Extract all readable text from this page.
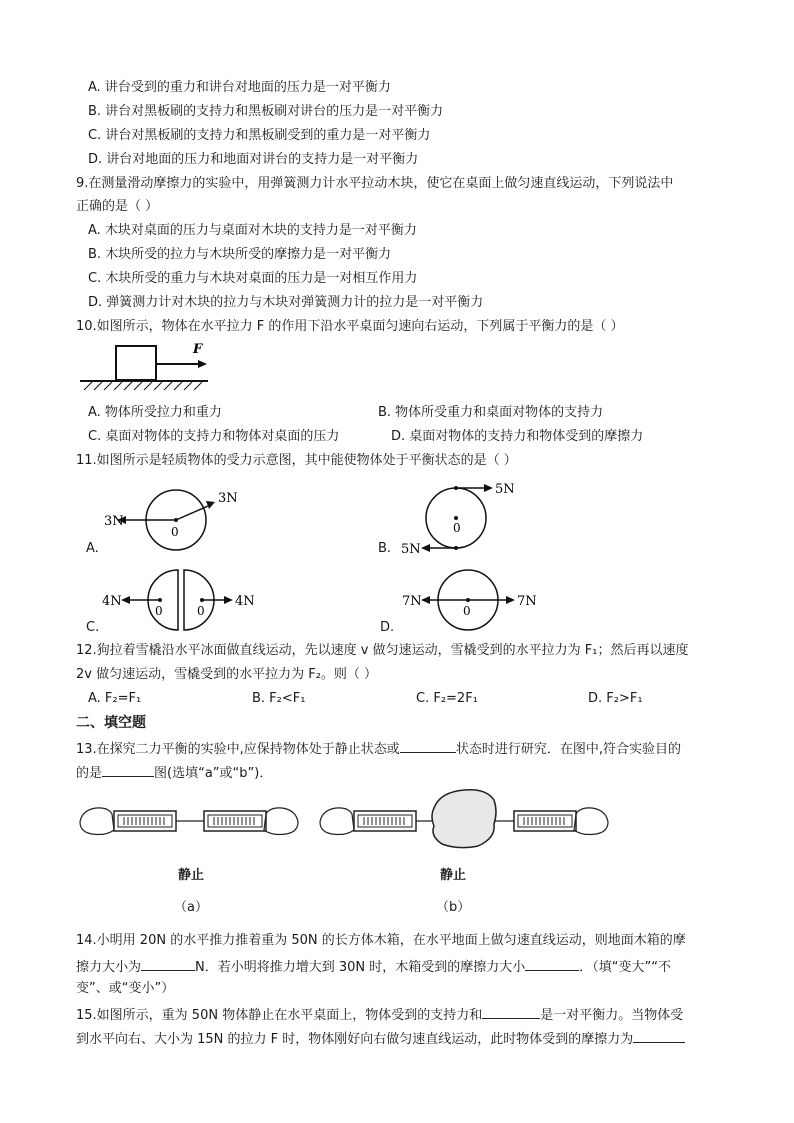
A. 讲台受到的重力和讲台对地面的压力是一对平衡力
B. 讲台对黑板刷的支持力和黑板刷对讲台的压力是一对平衡力
C. 讲台对黑板刷的支持力和黑板刷受到的重力是一对平衡力
D. 讲台对地面的压力和地面对讲台的支持力是一对平衡力
9.在测量滑动摩擦力的实验中，用弹簧测力计水平拉动木块，使它在桌面上做匀速直线运动，下列说法中
正确的是（ ）
A. 木块对桌面的压力与桌面对木块的支持力是一对平衡力
B. 木块所受的拉力与木块所受的摩擦力是一对平衡力
C. 木块所受的重力与木块对桌面的压力是一对相互作用力
D. 弹簧测力计对木块的拉力与木块对弹簧测力计的拉力是一对平衡力
10.如图所示，物体在水平拉力 F 的作用下沿水平桌面匀速向右运动，下列属于平衡力的是（ ）
F
A. 物体所受拉力和重力	B. 物体所受重力和桌面对物体的支持力
C. 桌面对物体的支持力和物体对桌面的压力	D. 桌面对物体的支持力和物体受到的摩擦力
11.如图所示是轻质物体的受力示意图，其中能使物体处于平衡状态的是（ ）
3N
3N
0
A.
5N
5N
0
B.
4N	4N
0	0
C.
7N	7N
0
D.
12.狗拉着雪橇沿水平冰面做直线运动，先以速度 v 做匀速运动，雪橇受到的水平拉力为 F₁；然后再以速度
2v 做匀速运动，雪橇受到的水平拉力为 F₂。则（ ）
A. F₂=F₁	B. F₂<F₁	C. F₂=2F₁	D. F₂>F₁
二、填空题
13.在探究二力平衡的实验中,应保持物体处于静止状态或	状态时进行研究．在图中,符合实验目的
的是	图(选填“a”或“b”)．
静止	静止
（a）	（b）
14.小明用 20N 的水平推力推着重为 50N 的长方体木箱，在水平地面上做匀速直线运动，则地面木箱的摩
擦力大小为	N．若小明将推力增大到 30N 时，木箱受到的摩擦力大小	．（填“变大”“不
变”、或“变小”）
15.如图所示，重为 50N 物体静止在水平桌面上，物体受到的支持力和	是一对平衡力。当物体受
到水平向右、大小为 15N 的拉力 F 时，物体刚好向右做匀速直线运动，此时物体受到的摩擦力为
